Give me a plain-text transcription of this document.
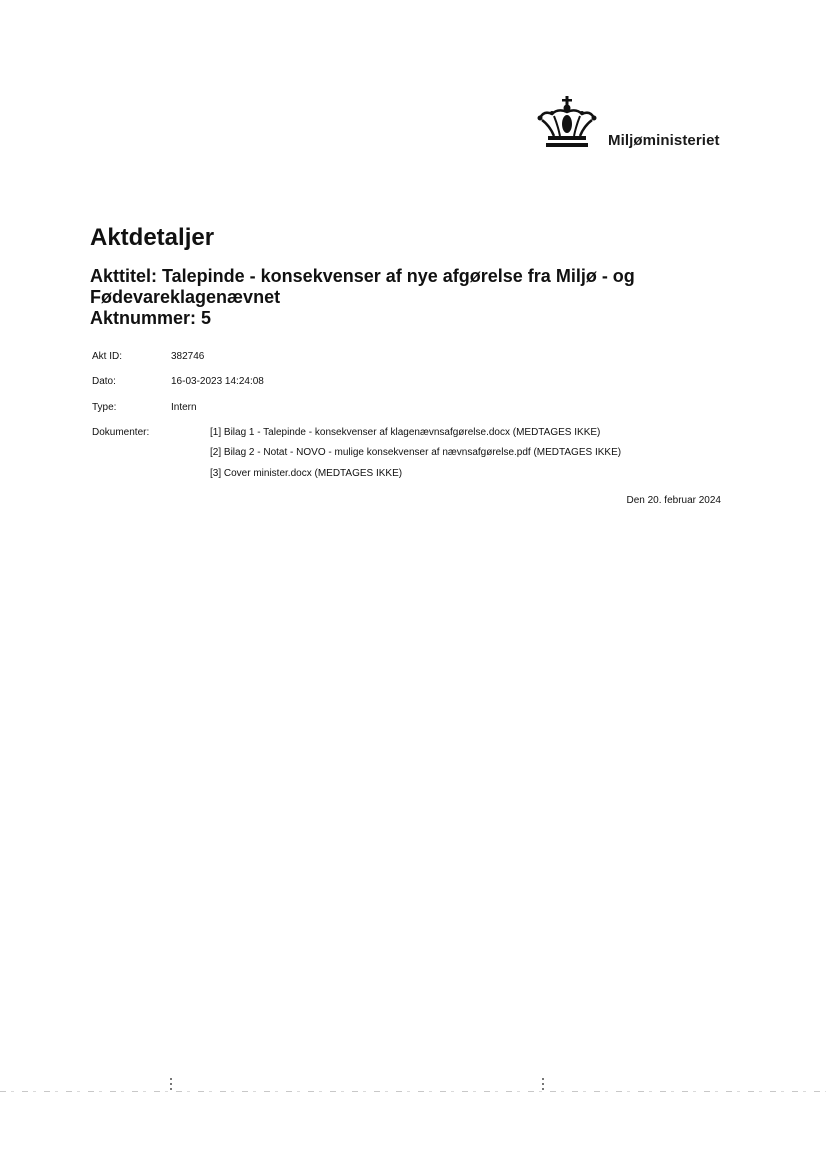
Miljøministeriet
Aktdetaljer
Akttitel: Talepinde - konsekvenser af nye afgørelse fra Miljø - og Fødevareklagenævnet
Aktnummer: 5
Akt ID:	382746
Dato:	16-03-2023 14:24:08
Type:	Intern
Dokumenter:	[1] Bilag 1 - Talepinde - konsekvenser af klagenævnsafgørelse.docx (MEDTAGES IKKE)
[2] Bilag 2 - Notat - NOVO - mulige konsekvenser af nævnsafgørelse.pdf (MEDTAGES IKKE)
[3] Cover minister.docx (MEDTAGES IKKE)
Den 20. februar 2024
